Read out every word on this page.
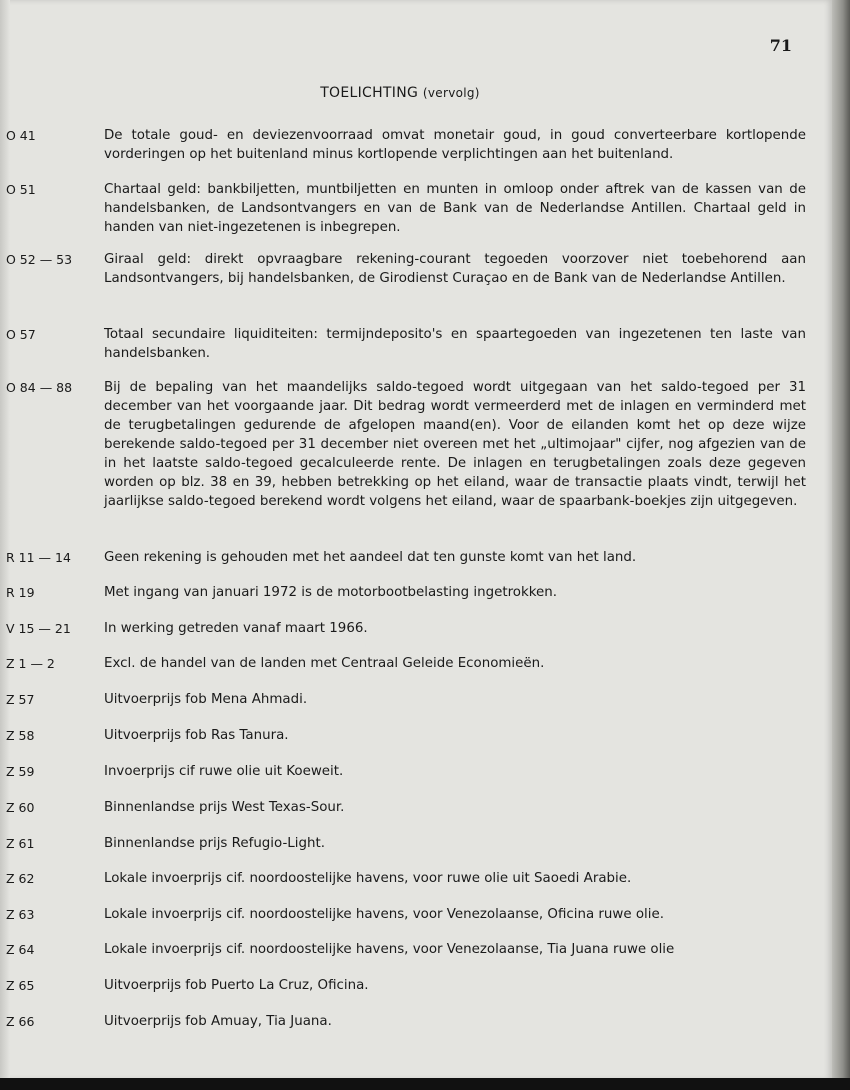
71
TOELICHTING (vervolg)
O 41	De totale goud- en deviezenvoorraad omvat monetair goud, in goud converteerbare kortlopende vorderingen op het buitenland minus kortlopende verplichtingen aan het buitenland.
O 51	Chartaal geld: bankbiljetten, muntbiljetten en munten in omloop onder aftrek van de kassen van de handelsbanken, de Landsontvangers en van de Bank van de Nederlandse Antillen. Chartaal geld in handen van niet-ingezetenen is inbegrepen.
O 52 — 53 Giraal geld: direkt opvraagbare rekening-courant tegoeden voorzover niet toebehorend aan Landsontvangers, bij handelsbanken, de Girodienst Curaçao en de Bank van de Nederlandse Antillen.
O 57	Totaal secundaire liquiditeiten: termijndeposito's en spaartegoeden van ingezetenen ten laste van handelsbanken.
O 84 — 88 Bij de bepaling van het maandelijks saldo-tegoed wordt uitgegaan van het saldo-tegoed per 31 december van het voorgaande jaar. Dit bedrag wordt vermeerderd met de inlagen en verminderd met de terugbetalingen gedurende de afgelopen maand(en). Voor de eilanden komt het op deze wijze berekende saldo-tegoed per 31 december niet overeen met het „ultimojaar" cijfer, nog afgezien van de in het laatste saldo-tegoed gecalculeerde rente. De inlagen en terugbetalingen zoals deze gegeven worden op blz. 38 en 39, hebben betrekking op het eiland, waar de transactie plaats vindt, terwijl het jaarlijkse saldo-tegoed berekend wordt volgens het eiland, waar de spaarbank-boekjes zijn uitgegeven.
R 11 — 14 Geen rekening is gehouden met het aandeel dat ten gunste komt van het land.
R 19	Met ingang van januari 1972 is de motorbootbelasting ingetrokken.
V 15 — 21 In werking getreden vanaf maart 1966.
Z 1 — 2	Excl. de handel van de landen met Centraal Geleide Economieën.
Z 57	Uitvoerprijs fob Mena Ahmadi.
Z 58	Uitvoerprijs fob Ras Tanura.
Z 59	Invoerprijs cif ruwe olie uit Koeweit.
Z 60	Binnenlandse prijs West Texas-Sour.
Z 61	Binnenlandse prijs Refugio-Light.
Z 62	Lokale invoerprijs cif. noordoostelijke havens, voor ruwe olie uit Saoedi Arabie.
Z 63	Lokale invoerprijs cif. noordoostelijke havens, voor Venezolaanse, Oficina ruwe olie.
Z 64	Lokale invoerprijs cif. noordoostelijke havens, voor Venezolaanse, Tia Juana ruwe olie
Z 65	Uitvoerprijs fob Puerto La Cruz, Oficina.
Z 66	Uitvoerprijs fob Amuay, Tia Juana.
